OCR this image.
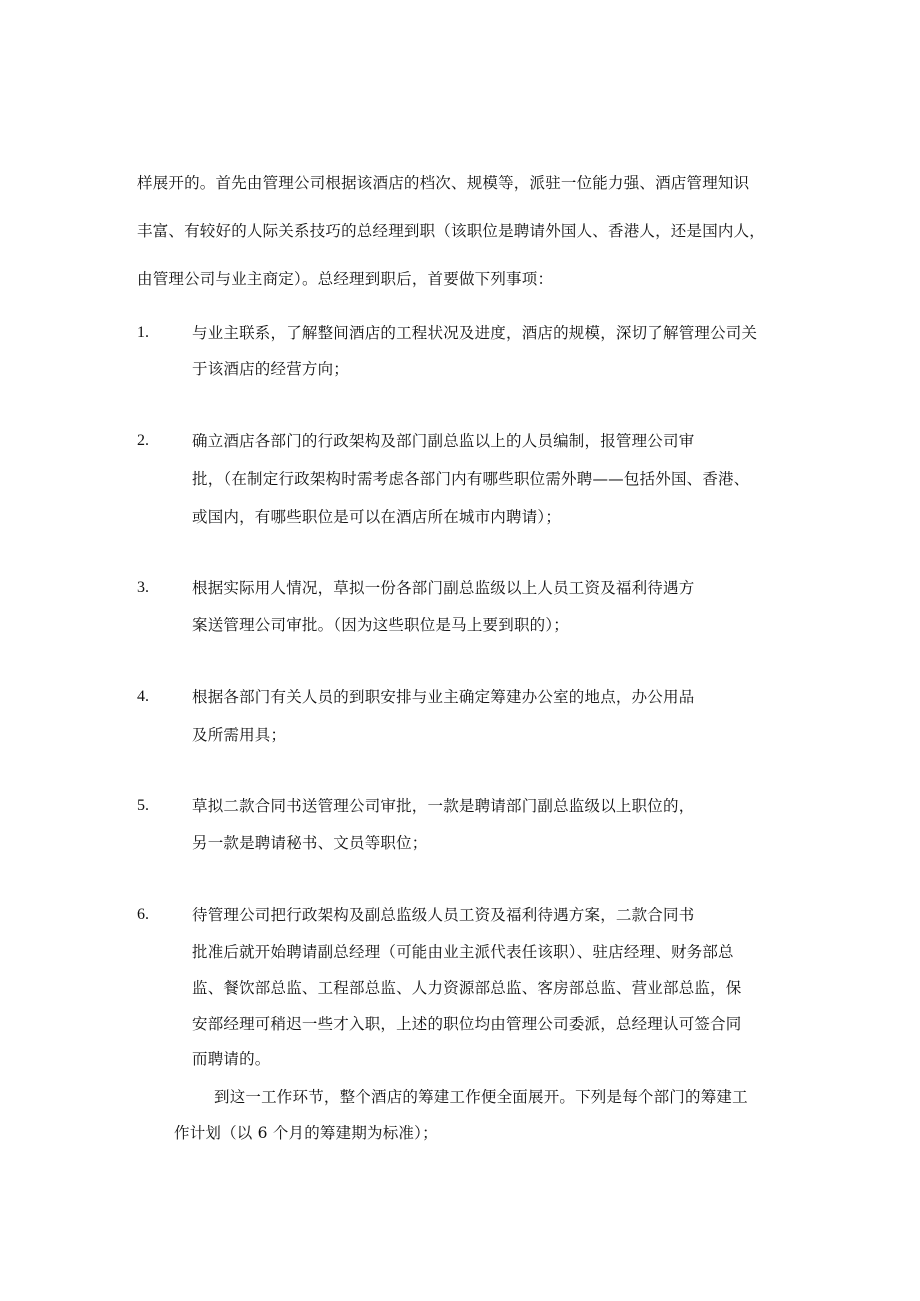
样展开的。首先由管理公司根据该酒店的档次、规模等，派驻一位能力强、酒店管理知识
丰富、有较好的人际关系技巧的总经理到职（该职位是聘请外国人、香港人，还是国内人，
由管理公司与业主商定）。总经理到职后，首要做下列事项：
1.	与业主联系，了解整间酒店的工程状况及进度，酒店的规模，深切了解管理公司关
于该酒店的经营方向；
2.	确立酒店各部门的行政架构及部门副总监以上的人员编制，报管理公司审
批，（在制定行政架构时需考虑各部门内有哪些职位需外聘——包括外国、香港、
或国内，有哪些职位是可以在酒店所在城市内聘请）；
3.	根据实际用人情况，草拟一份各部门副总监级以上人员工资及福利待遇方
案送管理公司审批。（因为这些职位是马上要到职的）；
4.	根据各部门有关人员的到职安排与业主确定筹建办公室的地点，办公用品
及所需用具；
5.	草拟二款合同书送管理公司审批，一款是聘请部门副总监级以上职位的，
另一款是聘请秘书、文员等职位；
6.	待管理公司把行政架构及副总监级人员工资及福利待遇方案，二款合同书
批准后就开始聘请副总经理（可能由业主派代表任该职）、驻店经理、财务部总
监、餐饮部总监、工程部总监、人力资源部总监、客房部总监、营业部总监，保
安部经理可稍迟一些才入职，上述的职位均由管理公司委派，总经理认可签合同
而聘请的。
到这一工作环节，整个酒店的筹建工作便全面展开。下列是每个部门的筹建工
作计划（以 6 个月的筹建期为标准）；
